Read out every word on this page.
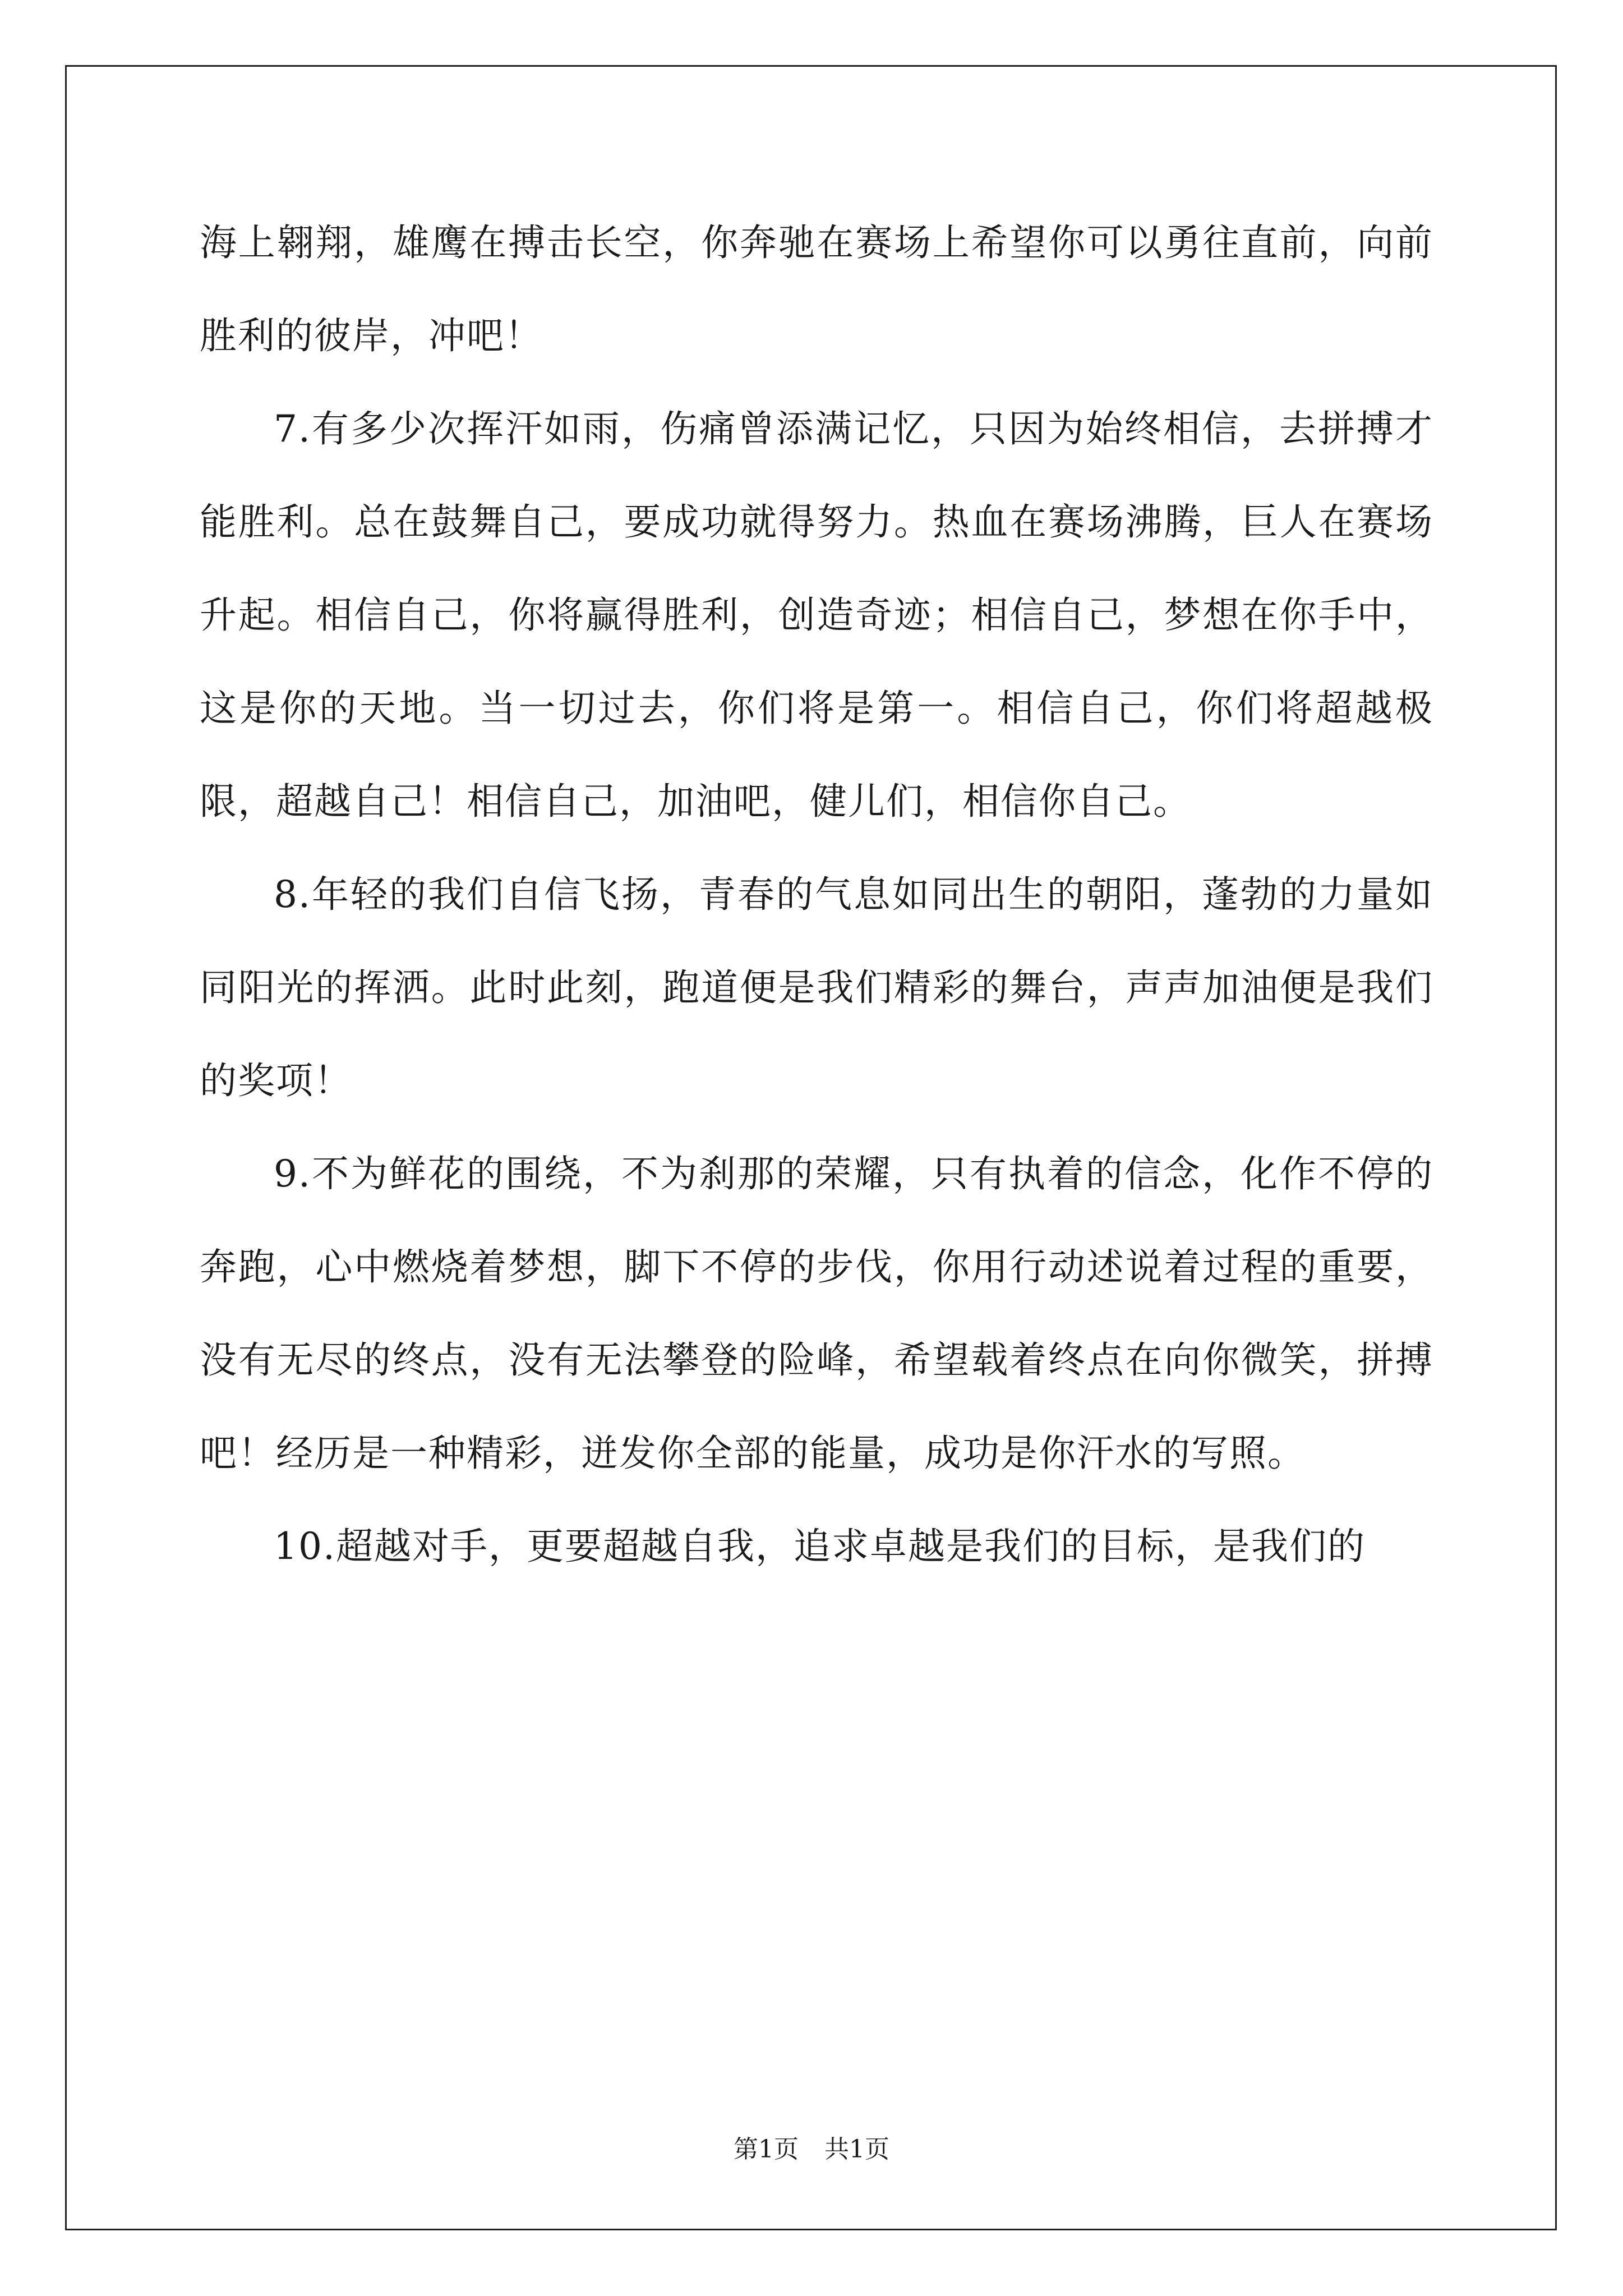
海上翱翔，雄鹰在搏击长空，你奔驰在赛场上希望你可以勇往直前，向前胜利的彼岸，冲吧！

7.有多少次挥汗如雨，伤痛曾添满记忆，只因为始终相信，去拼搏才能胜利。总在鼓舞自己，要成功就得努力。热血在赛场沸腾，巨人在赛场升起。相信自己，你将赢得胜利，创造奇迹；相信自己，梦想在你手中，这是你的天地。当一切过去，你们将是第一。相信自己，你们将超越极限，超越自己！相信自己，加油吧，健儿们，相信你自己。

8.年轻的我们自信飞扬，青春的气息如同出生的朝阳，蓬勃的力量如同阳光的挥洒。此时此刻，跑道便是我们精彩的舞台，声声加油便是我们的奖项！

9.不为鲜花的围绕，不为刹那的荣耀，只有执着的信念，化作不停的奔跑，心中燃烧着梦想，脚下不停的步伐，你用行动述说着过程的重要，没有无尽的终点，没有无法攀登的险峰，希望载着终点在向你微笑，拼搏吧！经历是一种精彩，迸发你全部的能量，成功是你汗水的写照。

10.超越对手，更要超越自我，追求卓越是我们的目标，是我们的

第1页 共1页
